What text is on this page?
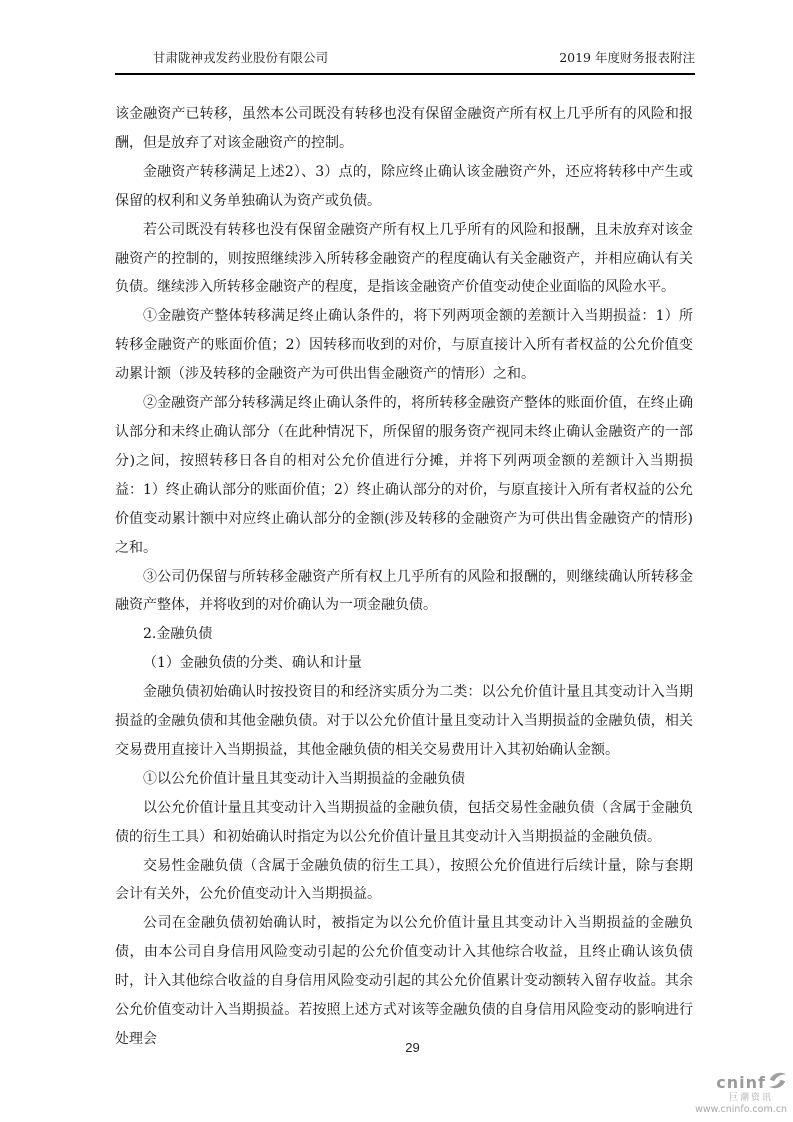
甘肃陇神戎发药业股份有限公司	2019 年度财务报表附注

该金融资产已转移，虽然本公司既没有转移也没有保留金融资产所有权上几乎所有的风险和报酬，但是放弃了对该金融资产的控制。

金融资产转移满足上述2）、3）点的，除应终止确认该金融资产外，还应将转移中产生或保留的权利和义务单独确认为资产或负债。

若公司既没有转移也没有保留金融资产所有权上几乎所有的风险和报酬，且未放弃对该金融资产的控制的，则按照继续涉入所转移金融资产的程度确认有关金融资产，并相应确认有关负债。继续涉入所转移金融资产的程度，是指该金融资产价值变动使企业面临的风险水平。

①金融资产整体转移满足终止确认条件的，将下列两项金额的差额计入当期损益：1）所转移金融资产的账面价值；2）因转移而收到的对价，与原直接计入所有者权益的公允价值变动累计额（涉及转移的金融资产为可供出售金融资产的情形）之和。

②金融资产部分转移满足终止确认条件的，将所转移金融资产整体的账面价值，在终止确认部分和未终止确认部分（在此种情况下，所保留的服务资产视同未终止确认金融资产的一部分)之间，按照转移日各自的相对公允价值进行分摊，并将下列两项金额的差额计入当期损益：1）终止确认部分的账面价值；2）终止确认部分的对价，与原直接计入所有者权益的公允价值变动累计额中对应终止确认部分的金额(涉及转移的金融资产为可供出售金融资产的情形)之和。

③公司仍保留与所转移金融资产所有权上几乎所有的风险和报酬的，则继续确认所转移金融资产整体，并将收到的对价确认为一项金融负债。

2.金融负债

（1）金融负债的分类、确认和计量

金融负债初始确认时按投资目的和经济实质分为二类：以公允价值计量且其变动计入当期损益的金融负债和其他金融负债。对于以公允价值计量且变动计入当期损益的金融负债，相关交易费用直接计入当期损益，其他金融负债的相关交易费用计入其初始确认金额。

①以公允价值计量且其变动计入当期损益的金融负债

以公允价值计量且其变动计入当期损益的金融负债，包括交易性金融负债（含属于金融负债的衍生工具）和初始确认时指定为以公允价值计量且其变动计入当期损益的金融负债。

交易性金融负债（含属于金融负债的衍生工具），按照公允价值进行后续计量，除与套期会计有关外，公允价值变动计入当期损益。

公司在金融负债初始确认时，被指定为以公允价值计量且其变动计入当期损益的金融负债，由本公司自身信用风险变动引起的公允价值变动计入其他综合收益，且终止确认该负债时，计入其他综合收益的自身信用风险变动引起的其公允价值累计变动额转入留存收益。其余公允价值变动计入当期损益。若按照上述方式对该等金融负债的自身信用风险变动的影响进行处理会

29
cninf
巨潮资讯
www.cninfo.com.cn
